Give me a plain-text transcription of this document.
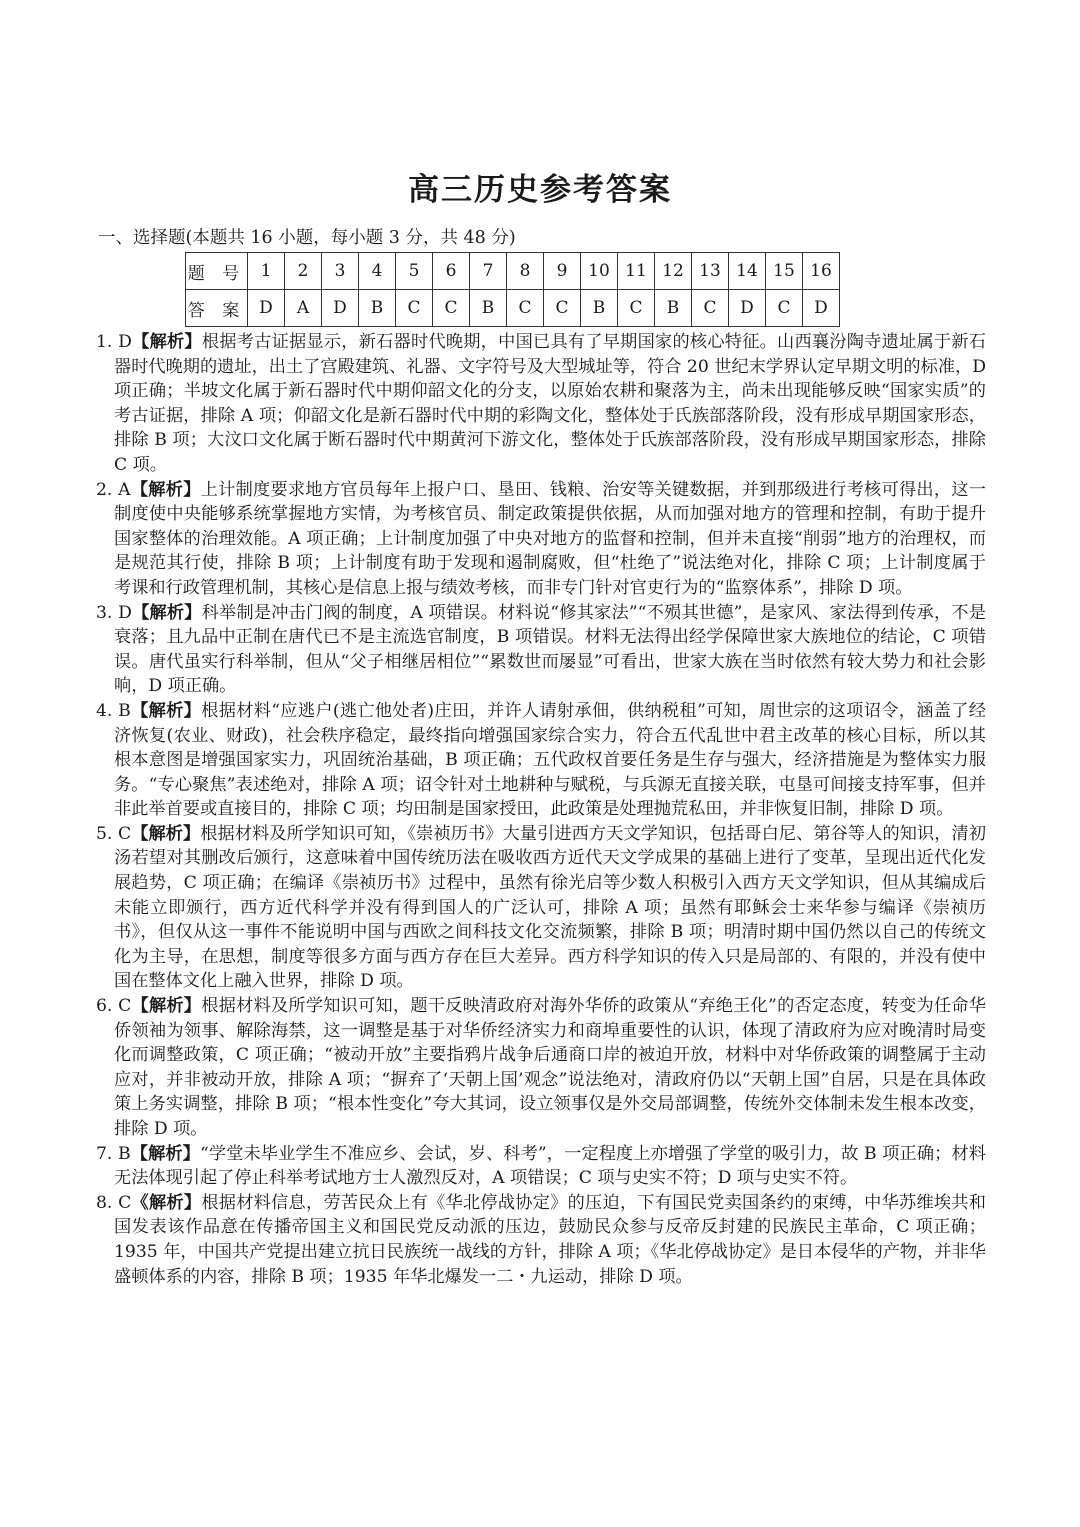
高三历史参考答案
一、选择题(本题共 16 小题，每小题 3 分，共 48 分)
题 号	1	2	3	4	5	6	7	8	9	10	11	12	13	14	15	16
答 案	D	A	D	B	C	C	B	C	C	B	C	B	C	D	C	D

1. D【解析】根据考古证据显示，新石器时代晚期，中国已具有了早期国家的核心特征。山西襄汾陶寺遗址属于新石器时代晚期的遗址，出土了宫殿建筑、礼器、文字符号及大型城址等，符合 20 世纪末学界认定早期文明的标准，D 项正确；半坡文化属于新石器时代中期仰韶文化的分支，以原始农耕和聚落为主，尚未出现能够反映“国家实质”的考古证据，排除 A 项；仰韶文化是新石器时代中期的彩陶文化，整体处于氏族部落阶段，没有形成早期国家形态，排除 B 项；大汶口文化属于断石器时代中期黄河下游文化，整体处于氏族部落阶段，没有形成早期国家形态，排除 C 项。

2. A【解析】上计制度要求地方官员每年上报户口、垦田、钱粮、治安等关键数据，并到那级进行考核可得出，这一制度使中央能够系统掌握地方实情，为考核官员、制定政策提供依据，从而加强对地方的管理和控制，有助于提升国家整体的治理效能。A 项正确；上计制度加强了中央对地方的监督和控制，但并未直接“削弱”地方的治理权，而是规范其行使，排除 B 项；上计制度有助于发现和遏制腐败，但“杜绝了”说法绝对化，排除 C 项；上计制度属于考课和行政管理机制，其核心是信息上报与绩效考核，而非专门针对官吏行为的“监察体系”，排除 D 项。

3. D【解析】科举制是冲击门阀的制度，A 项错误。材料说“修其家法”“不殒其世德”，是家风、家法得到传承，不是衰落；且九品中正制在唐代已不是主流选官制度，B 项错误。材料无法得出经学保障世家大族地位的结论，C 项错误。唐代虽实行科举制，但从“父子相继居相位”“累数世而屡显”可看出，世家大族在当时依然有较大势力和社会影响，D 项正确。

4. B【解析】根据材料“应逃户(逃亡他处者)庄田，并许人请射承佃，供纳税租”可知，周世宗的这项诏令，涵盖了经济恢复(农业、财政)，社会秩序稳定，最终指向增强国家综合实力，符合五代乱世中君主改革的核心目标，所以其根本意图是增强国家实力，巩固统治基础，B 项正确；五代政权首要任务是生存与强大，经济措施是为整体实力服务。“专心聚焦”表述绝对，排除 A 项；诏令针对土地耕种与赋税，与兵源无直接关联，屯垦可间接支持军事，但并非此举首要或直接目的，排除 C 项；均田制是国家授田，此政策是处理抛荒私田，并非恢复旧制，排除 D 项。

5. C【解析】根据材料及所学知识可知，《崇祯历书》大量引进西方天文学知识，包括哥白尼、第谷等人的知识，清初汤若望对其删改后颁行，这意味着中国传统历法在吸收西方近代天文学成果的基础上进行了变革，呈现出近代化发展趋势，C 项正确；在编译《崇祯历书》过程中，虽然有徐光启等少数人积极引入西方天文学知识，但从其编成后未能立即颁行，西方近代科学并没有得到国人的广泛认可，排除 A 项；虽然有耶稣会士来华参与编译《崇祯历书》，但仅从这一事件不能说明中国与西欧之间科技文化交流频繁，排除 B 项；明清时期中国仍然以自己的传统文化为主导，在思想，制度等很多方面与西方存在巨大差异。西方科学知识的传入只是局部的、有限的，并没有使中国在整体文化上融入世界，排除 D 项。

6. C【解析】根据材料及所学知识可知，题干反映清政府对海外华侨的政策从“弃绝王化”的否定态度，转变为任命华侨领袖为领事、解除海禁，这一调整是基于对华侨经济实力和商埠重要性的认识，体现了清政府为应对晚清时局变化而调整政策，C 项正确；“被动开放”主要指鸦片战争后通商口岸的被迫开放，材料中对华侨政策的调整属于主动应对，并非被动开放，排除 A 项；“摒弃了‘天朝上国’观念”说法绝对，清政府仍以“天朝上国”自居，只是在具体政策上务实调整，排除 B 项；“根本性变化”夸大其词，设立领事仅是外交局部调整，传统外交体制未发生根本改变，排除 D 项。

7. B【解析】“学堂未毕业学生不准应乡、会试，岁、科考”，一定程度上亦增强了学堂的吸引力，故 B 项正确；材料无法体现引起了停止科举考试地方士人激烈反对，A 项错误；C 项与史实不符；D 项与史实不符。

8. C《解析】根据材料信息，劳苦民众上有《华北停战协定》的压迫，下有国民党卖国条约的束缚，中华苏维埃共和国发表该作品意在传播帝国主义和国民党反动派的压边，鼓励民众参与反帝反封建的民族民主革命，C 项正确；1935 年，中国共产党提出建立抗日民族统一战线的方针，排除 A 项；《华北停战协定》是日本侵华的产物，并非华盛顿体系的内容，排除 B 项；1935 年华北爆发一二・九运动，排除 D 项。
